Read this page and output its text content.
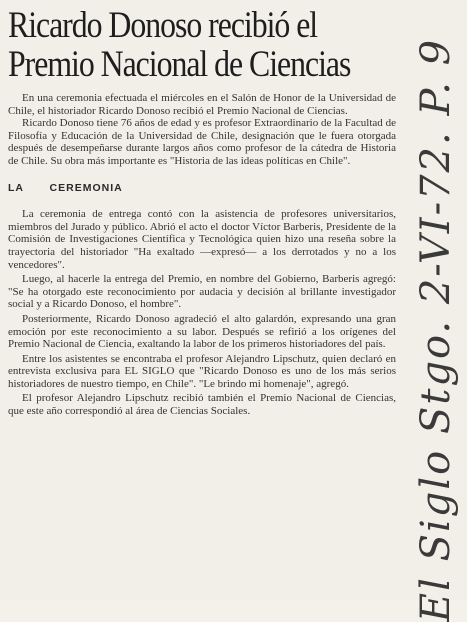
Ricardo Donoso recibió el Premio Nacional de Ciencias

En una ceremonia efectuada el miércoles en el Salón de Honor de la Universidad de Chile, el historiador Ricardo Donoso recibió el Premio Nacional de Ciencias.

Ricardo Donoso tiene 76 años de edad y es profesor Extraordinario de la Facultad de Filosofía y Educación de la Universidad de Chile, designación que le fuera otorgada después de desempeñarse durante largos años como profesor de la cátedra de Historia de Chile. Su obra más importante es "Historia de las ideas políticas en Chile".

LA CEREMONIA

La ceremonia de entrega contó con la asistencia de profesores universitarios, miembros del Jurado y público. Abrió el acto el doctor Víctor Barberis, Presidente de la Comisión de Investigaciones Científica y Tecnológica quien hizo una reseña sobre la trayectoria del historiador "Ha exaltado —expresó— a los derrotados y no a los vencedores".

Luego, al hacerle la entrega del Premio, en nombre del Gobierno, Barberis agregó: "Se ha otorgado este reconocimiento por audacia y decisión al brillante investigador social y a Ricardo Donoso, el hombre".

Posteriormente, Ricardo Donoso agradeció el alto galardón, expresando una gran emoción por este reconocimiento a su labor. Después se refirió a los orígenes del Premio Nacional de Ciencia, exaltando la labor de los primeros historiadores del país.

Entre los asistentes se encontraba el profesor Alejandro Lipschutz, quien declaró en entrevista exclusiva para EL SIGLO que "Ricardo Donoso es uno de los más serios historiadores de nuestro tiempo, en Chile". "Le brindo mi homenaje", agregó.

El profesor Alejandro Lipschutz recibió también el Premio Nacional de Ciencias, que este año correspondió al área de Ciencias Sociales.	El Siglo Stgo. 2-VI-72. P. 9
